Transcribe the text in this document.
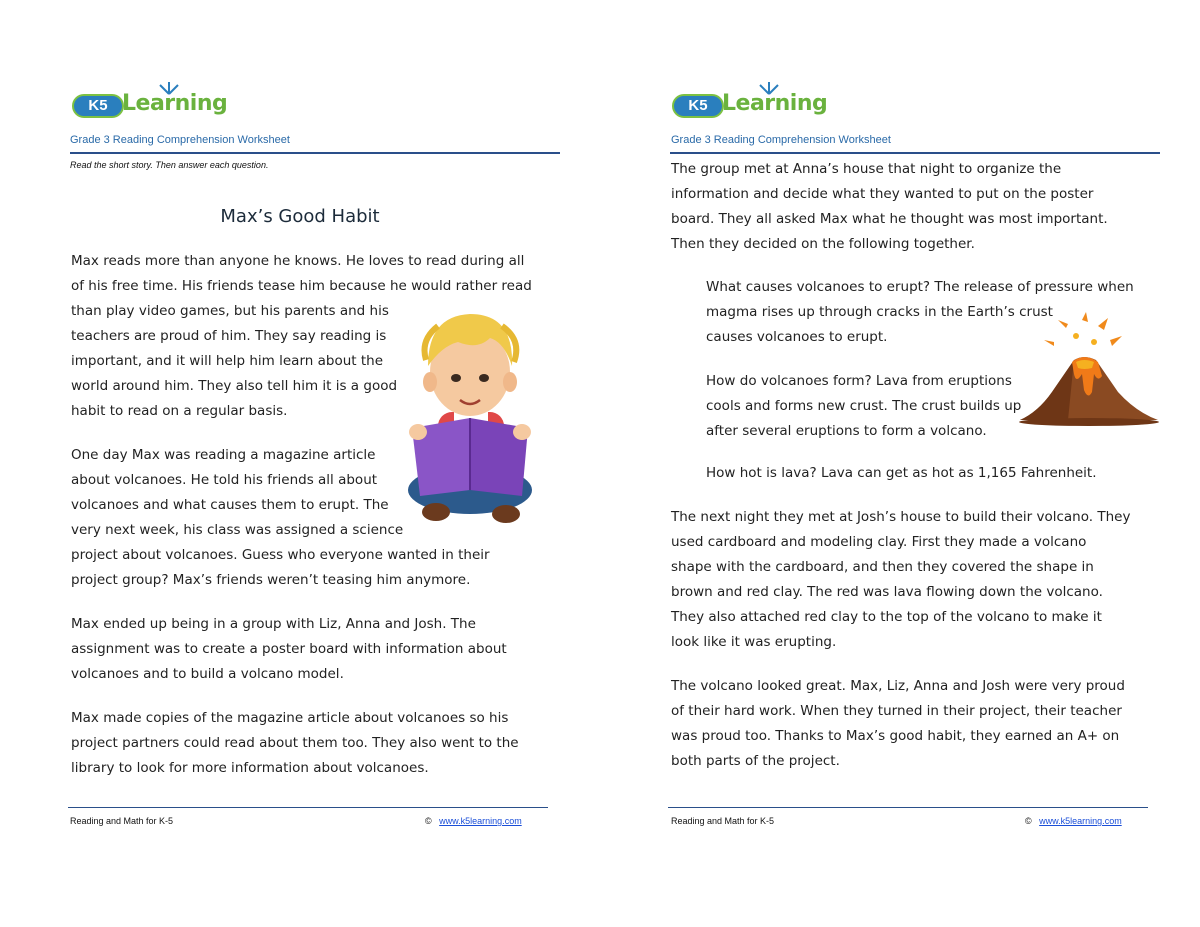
K5 Learning
Grade 3 Reading Comprehension Worksheet
Read the short story. Then answer each question.
Max’s Good Habit
Max reads more than anyone he knows. He loves to read during all
of his free time. His friends tease him because he would rather read
than play video games, but his parents and his
teachers are proud of him. They say reading is
important, and it will help him learn about the
world around him. They also tell him it is a good
habit to read on a regular basis.
One day Max was reading a magazine article
about volcanoes. He told his friends all about
volcanoes and what causes them to erupt. The
very next week, his class was assigned a science
project about volcanoes. Guess who everyone wanted in their
project group? Max’s friends weren’t teasing him anymore.
Max ended up being in a group with Liz, Anna and Josh. The
assignment was to create a poster board with information about
volcanoes and to build a volcano model.
Max made copies of the magazine article about volcanoes so his
project partners could read about them too. They also went to the
library to look for more information about volcanoes.
Reading and Math for K-5	© www.k5learning.com
K5 Learning
Grade 3 Reading Comprehension Worksheet
The group met at Anna’s house that night to organize the
information and decide what they wanted to put on the poster
board. They all asked Max what he thought was most important.
Then they decided on the following together.
What causes volcanoes to erupt? The release of pressure when
magma rises up through cracks in the Earth’s crust
causes volcanoes to erupt.
How do volcanoes form? Lava from eruptions
cools and forms new crust. The crust builds up
after several eruptions to form a volcano.
How hot is lava? Lava can get as hot as 1,165 Fahrenheit.
The next night they met at Josh’s house to build their volcano. They
used cardboard and modeling clay. First they made a volcano
shape with the cardboard, and then they covered the shape in
brown and red clay. The red was lava flowing down the volcano.
They also attached red clay to the top of the volcano to make it
look like it was erupting.
The volcano looked great. Max, Liz, Anna and Josh were very proud
of their hard work. When they turned in their project, their teacher
was proud too. Thanks to Max’s good habit, they earned an A+ on
both parts of the project.
Reading and Math for K-5	© www.k5learning.com
